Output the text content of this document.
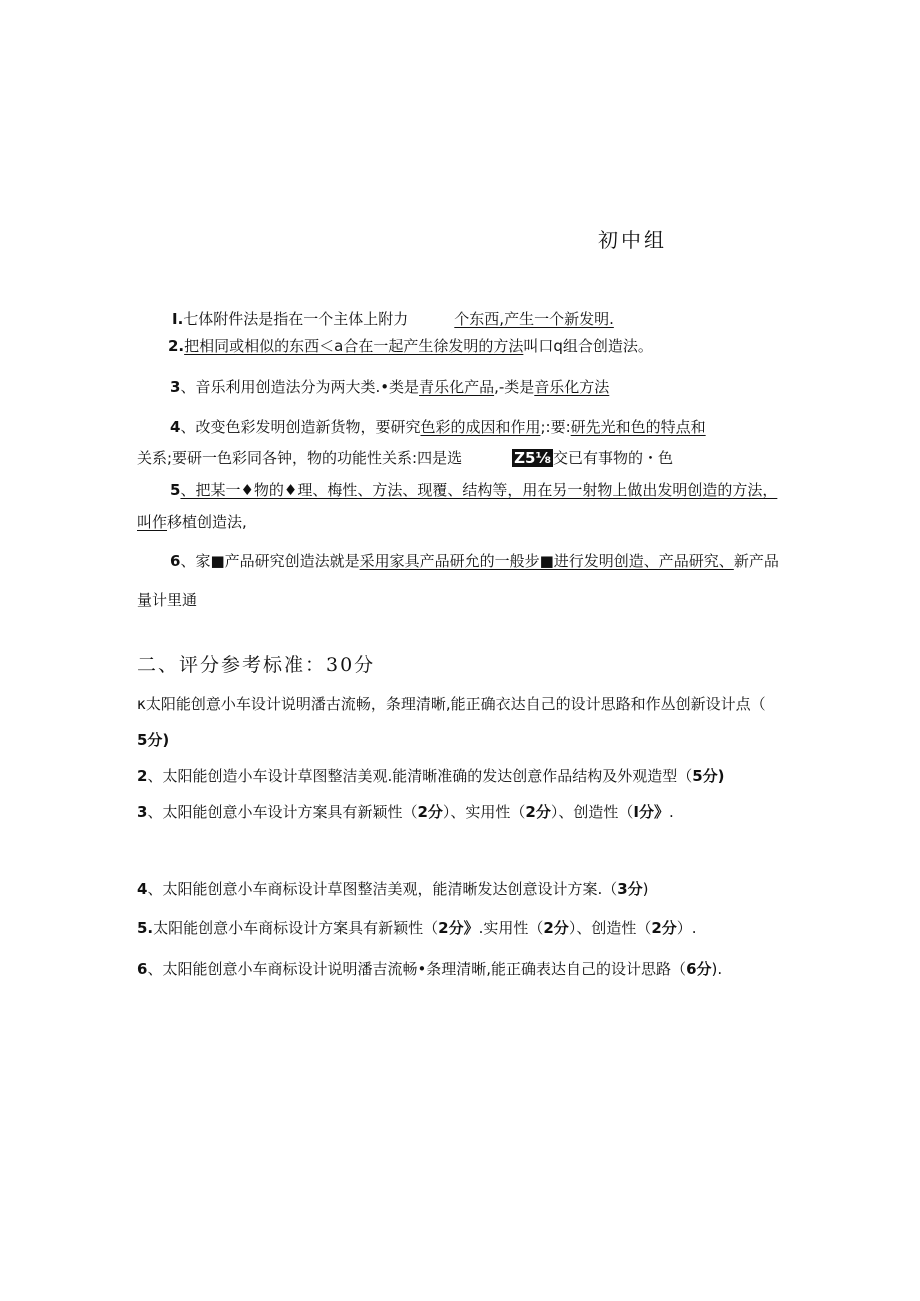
初中组
I.七体附件法是指在一个主体上附力	个东西,产生一个新发明.
2.把相同或相似的东西＜a合在一起产生徐发明的方法叫口q组合创造法。
3、音乐利用创造法分为两大类.•类是青乐化产品,-类是音乐化方法
4、改变色彩发明创造新货物，要研究色彩的成因和作用;:要:研先光和色的特点和
关系;要研一色彩同各钟，物的功能性关系:四是选	Z5⅛ 交已有事物的・色
5、把某一♦物的♦理、梅性、方法、现覆、结构等，用在另一射物上做出发明创造的方法，
叫作移植创造法,
6、家■产品研究创造法就是采用家具产品研允的一般步■进行发明创造、产品研究、新产品
量计里通
二、评分参考标准：30分
κ太阳能创意小车设计说明潘古流畅，条理清晰,能正确衣达自己的设计思路和作丛创新设计点（
5分)
2、太阳能创造小车设计草图整洁美观.能清晰准确的发达创意作品结构及外观造型（5分)
3、太阳能创意小车设计方案具有新颖性（2分）、实用性（2分）、创造性（I分》.
4、太阳能创意小车商标设计草图整洁美观，能清晰发达创意设计方案.（3分)
5.太阳能创意小车商标设计方案具有新颖性（2分》.实用性（2分）、创造性（2分）.
6、太阳能创意小车商标设计说明潘吉流畅•条理清晰,能正确表达自己的设计思路（6分).
